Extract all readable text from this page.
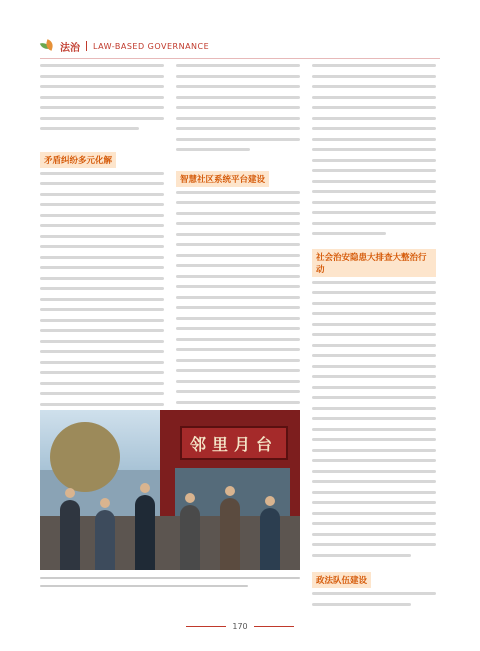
法治 LAW-BASED GOVERNANCE
矛盾纠纷多元化解
智慧社区系统平台建设
社会治安隐患大排查大整治行动
政法队伍建设
邻里月台
170
